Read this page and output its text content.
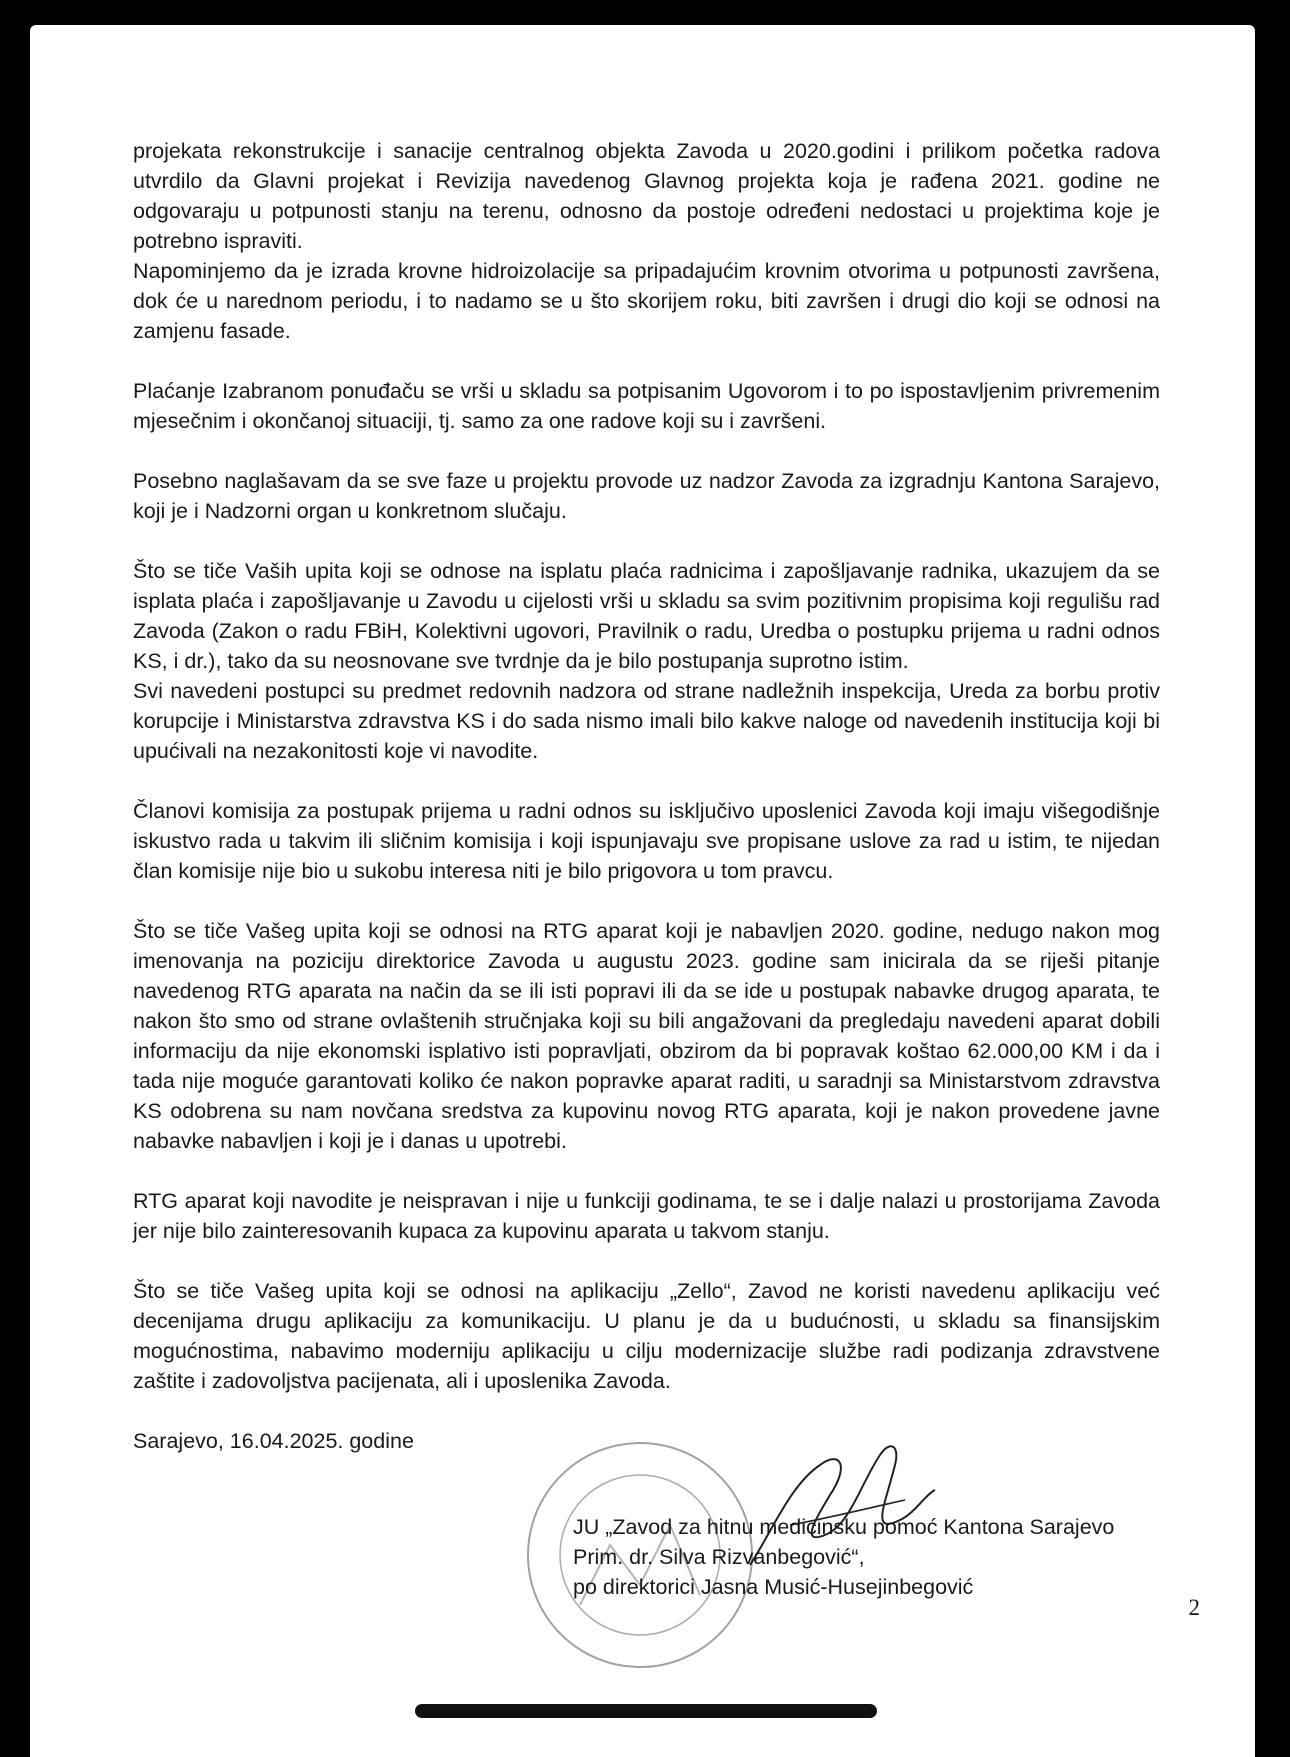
projekata rekonstrukcije i sanacije centralnog objekta Zavoda u 2020.godini i prilikom početka radova utvrdilo da Glavni projekat i Revizija navedenog Glavnog projekta koja je rađena 2021. godine ne odgovaraju u potpunosti stanju na terenu, odnosno da postoje određeni nedostaci u projektima koje je potrebno ispraviti.

Napominjemo da je izrada krovne hidroizolacije sa pripadajućim krovnim otvorima u potpunosti završena, dok će u narednom periodu, i to nadamo se u što skorijem roku, biti završen i drugi dio koji se odnosi na zamjenu fasade.

Plaćanje Izabranom ponuđaču se vrši u skladu sa potpisanim Ugovorom i to po ispostavljenim privremenim mjesečnim i okončanoj situaciji, tj. samo za one radove koji su i završeni.

Posebno naglašavam da se sve faze u projektu provode uz nadzor Zavoda za izgradnju Kantona Sarajevo, koji je i Nadzorni organ u konkretnom slučaju.

Što se tiče Vaših upita koji se odnose na isplatu plaća radnicima i zapošljavanje radnika, ukazujem da se isplata plaća i zapošljavanje u Zavodu u cijelosti vrši u skladu sa svim pozitivnim propisima koji regulišu rad Zavoda (Zakon o radu FBiH, Kolektivni ugovori, Pravilnik o radu, Uredba o postupku prijema u radni odnos KS, i dr.), tako da su neosnovane sve tvrdnje da je bilo postupanja suprotno istim.

Svi navedeni postupci su predmet redovnih nadzora od strane nadležnih inspekcija, Ureda za borbu protiv korupcije i Ministarstva zdravstva KS i do sada nismo imali bilo kakve naloge od navedenih institucija koji bi upućivali na nezakonitosti koje vi navodite.

Članovi komisija za postupak prijema u radni odnos su isključivo uposlenici Zavoda koji imaju višegodišnje iskustvo rada u takvim ili sličnim komisija i koji ispunjavaju sve propisane uslove za rad u istim, te nijedan član komisije nije bio u sukobu interesa niti je bilo prigovora u tom pravcu.

Što se tiče Vašeg upita koji se odnosi na RTG aparat koji je nabavljen 2020. godine, nedugo nakon mog imenovanja na poziciju direktorice Zavoda u augustu 2023. godine sam inicirala da se riješi pitanje navedenog RTG aparata na način da se ili isti popravi ili da se ide u postupak nabavke drugog aparata, te nakon što smo od strane ovlaštenih stručnjaka koji su bili angažovani da pregledaju navedeni aparat dobili informaciju da nije ekonomski isplativo isti popravljati, obzirom da bi popravak koštao 62.000,00 KM i da i tada nije moguće garantovati koliko će nakon popravke aparat raditi, u saradnji sa Ministarstvom zdravstva KS odobrena su nam novčana sredstva za kupovinu novog RTG aparata, koji je nakon provedene javne nabavke nabavljen i koji je i danas u upotrebi.

RTG aparat koji navodite je neispravan i nije u funkciji godinama, te se i dalje nalazi u prostorijama Zavoda jer nije bilo zainteresovanih kupaca za kupovinu aparata u takvom stanju.

Što se tiče Vašeg upita koji se odnosi na aplikaciju „Zello“, Zavod ne koristi navedenu aplikaciju već decenijama drugu aplikaciju za komunikaciju. U planu je da u budućnosti, u skladu sa finansijskim mogućnostima, nabavimo moderniju aplikaciju u cilju modernizacije službe radi podizanja zdravstvene zaštite i zadovoljstva pacijenata, ali i uposlenika Zavoda.

Sarajevo, 16.04.2025. godine

JU „Zavod za hitnu medicinsku pomoć Kantona Sarajevo
Prim. dr. Silva Rizvanbegović“,
po direktorici Jasna Musić-Husejinbegović
2
